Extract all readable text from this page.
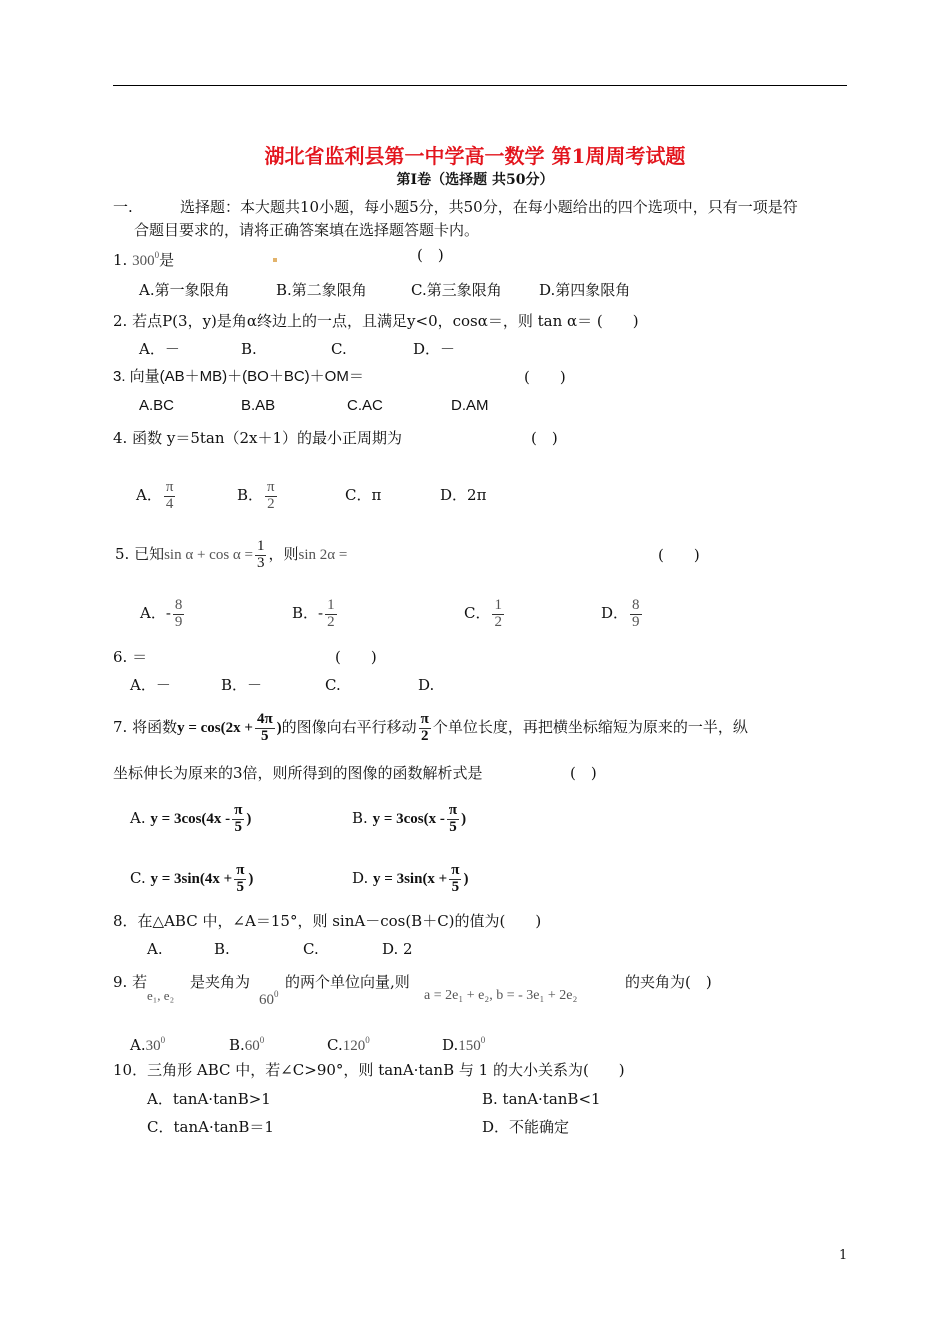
湖北省监利县第一中学高一数学 第1周周考试题
第Ⅰ卷（选择题 共50分）
一.	选择题：本大题共10小题，每小题5分，共50分，在每小题给出的四个选项中，只有一项是符
合题目要求的，请将正确答案填在选择题答题卡内。
1. $300^0$是	(　)
A.第一象限角	B.第二象限角	C.第三象限角 D.第四象限角
2. 若点P(3，y)是角α终边上的一点，且满足y<0，cosα＝，则 tan α＝ (　　)
A．－	B.	C.	D．－
3. 向量(AB＋MB)＋(BO＋BC)＋OM＝	(　　)
A.BC	B.AB	C.AC	D.AM
4. 函数 y＝5tan（2x＋1）的最小正周期为	(　)
A． $\frac{\pi}{4}$	B． $\frac{\pi}{2}$	C．π	D．2π
5. 已知$\sin \alpha + \cos \alpha = \frac{1}{3}$ ，则sin 2α =	(　　)
A．- $\frac{8}{9}$	B．- $\frac{1}{2}$	C． $\frac{1}{2}$	D． $\frac{8}{9}$
6. ＝	(　　)
A．－	B．－	C.	D.
7. 将函数$y = \cos(2x + \frac{4\pi}{5}$ )的图像向右平行移动 $\frac{\pi}{2}$ 个单位长度，再把横坐标缩短为原来的一半，纵
坐标伸长为原来的3倍，则所得到的图像的函数解析式是	(　)
A. $y = 3\cos(4x - \frac{\pi}{5}$ )	B. $y = 3\cos(x - \frac{\pi}{5}$ )
C. $y = 3\sin(4x + \frac{\pi}{5}$ )	D. $y = 3\sin(x + \frac{\pi}{5}$ )
8．在△ABC 中，∠A＝15°，则 sinA－cos(B＋C)的值为(　　)
A.	B.	C.	D. 2
9. 若
e₁, e₂
是夹角为
$60^0$
的两个单位向量,则
a = 2e₁ + e₂, b = - 3e₁ + 2e₂
的夹角为(　)
$A.30^0$	$B.60^0$	C.120$^0$	D.150$^0$
10．三角形 ABC 中，若∠C>90°，则 tanA·tanB 与 1 的大小关系为(　　)
A．tanA·tanB>1	B. tanA·tanB<1
C．tanA·tanB＝1	D．不能确定
1
